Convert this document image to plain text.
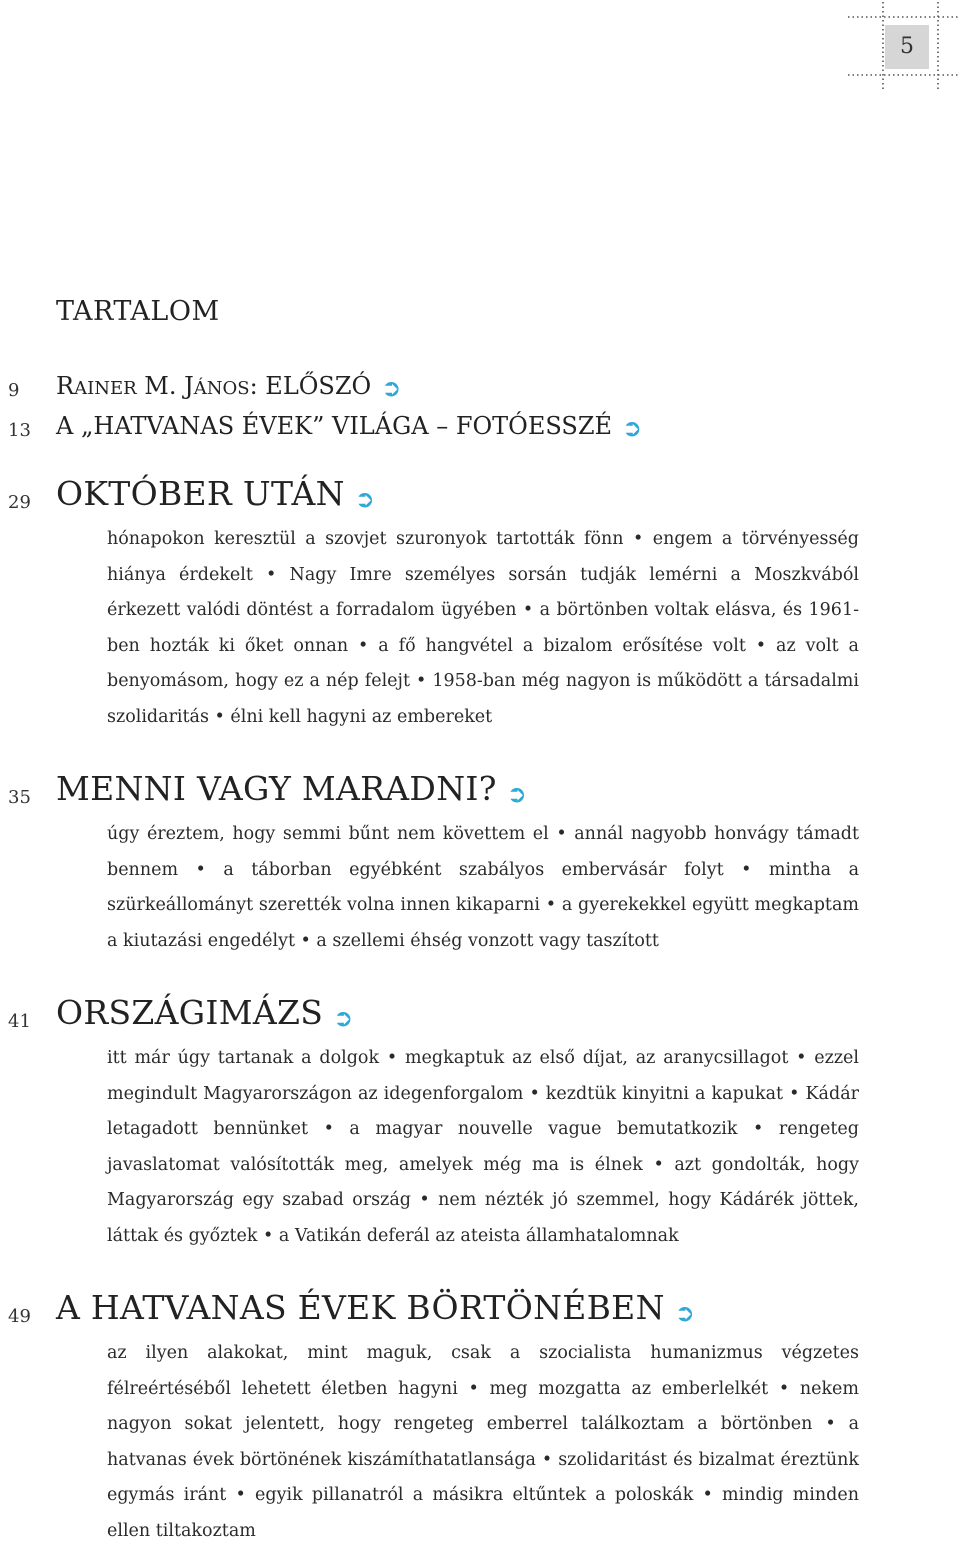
5
TARTALOM
9	RAINER M. JÁNOS: ELŐSZÓ ➲
13	A „HATVANAS ÉVEK” VILÁGA – FOTÓESSZÉ ➲
29 OKTÓBER UTÁN ➲

hónapokon keresztül a szovjet szuronyok tartották fönn • engem a törvényesség hiánya érdekelt • Nagy Imre személyes sorsán tudják lemérni a Moszkvából érkezett valódi döntést a forradalom ügyében • a börtönben voltak elásva, és 1961-ben hozták ki őket onnan • a fő hangvétel a bizalom erősítése volt • az volt a benyomásom, hogy ez a nép felejt • 1958-ban még nagyon is működött a társadalmi szolidaritás • élni kell hagyni az embereket

35 MENNI VAGY MARADNI? ➲

úgy éreztem, hogy semmi bűnt nem követtem el • annál nagyobb honvágy támadt bennem • a táborban egyébként szabályos embervásár folyt • mintha a szürkeállományt szerették volna innen kikaparni • a gyerekekkel együtt megkaptam a kiutazási engedélyt • a szellemi éhség vonzott vagy taszított

41 ORSZÁGIMÁZS ➲

itt már úgy tartanak a dolgok • megkaptuk az első díjat, az aranycsillagot • ezzel megindult Magyarországon az idegenforgalom • kezdtük kinyitni a kapukat • Kádár letagadott bennünket • a magyar nouvelle vague bemutatkozik • rengeteg javaslatomat valósították meg, amelyek még ma is élnek • azt gondolták, hogy Magyarország egy szabad ország • nem nézték jó szemmel, hogy Kádárék jöttek, láttak és győztek • a Vatikán deferál az ateista államhatalomnak

49 A HATVANAS ÉVEK BÖRTÖNÉBEN ➲

az ilyen alakokat, mint maguk, csak a szocialista humanizmus végzetes félreértéséből lehetett életben hagyni • meg mozgatta az emberlelkét • nekem nagyon sokat jelentett, hogy rengeteg emberrel találkoztam a börtönben • a hatvanas évek börtönének kiszámíthatatlansága • szolidaritást és bizalmat éreztünk egymás iránt • egyik pillanatról a másikra eltűntek a poloskák • mindig minden ellen tiltakoztam
